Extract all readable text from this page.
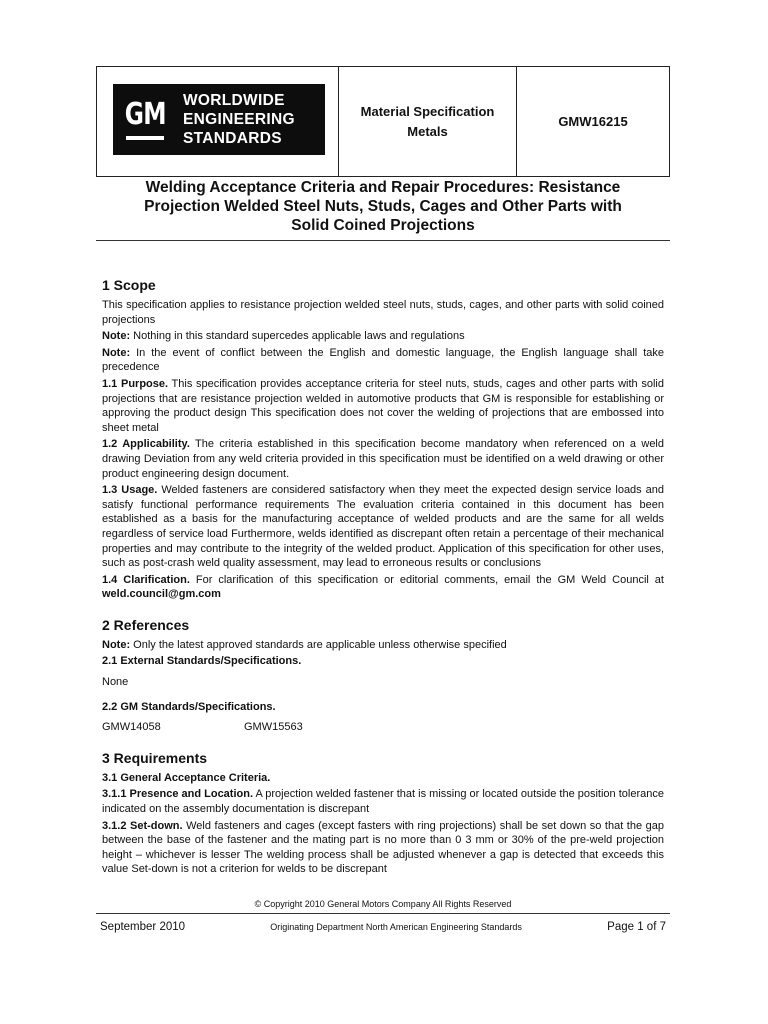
GM WORLDWIDE
ENGINEERING
STANDARDS
Material Specification
Metals
GMW16215
Welding Acceptance Criteria and Repair Procedures: Resistance
Projection Welded Steel Nuts, Studs, Cages and Other Parts with
Solid Coined Projections
1 Scope

This specification applies to resistance projection welded steel nuts, studs, cages, and other parts with solid coined projections

Note: Nothing in this standard supercedes applicable laws and regulations

Note: In the event of conflict between the English and domestic language, the English language shall take precedence

1.1 Purpose. This specification provides acceptance criteria for steel nuts, studs, cages and other parts with solid projections that are resistance projection welded in automotive products that GM is responsible for establishing or approving the product design This specification does not cover the welding of projections that are embossed into sheet metal

1.2 Applicability. The criteria established in this specification become mandatory when referenced on a weld drawing Deviation from any weld criteria provided in this specification must be identified on a weld drawing or other product engineering design document.

1.3 Usage. Welded fasteners are considered satisfactory when they meet the expected design service loads and satisfy functional performance requirements The evaluation criteria contained in this document has been established as a basis for the manufacturing acceptance of welded products and are the same for all welds regardless of service load Furthermore, welds identified as discrepant often retain a percentage of their mechanical properties and may contribute to the integrity of the welded product. Application of this specification for other uses, such as post-crash weld quality assessment, may lead to erroneous results or conclusions

1.4 Clarification. For clarification of this specification or editorial comments, email the GM Weld Council at weld.council@gm.com

2 References

Note: Only the latest approved standards are applicable unless otherwise specified

2.1 External Standards/Specifications.

None

2.2 GM Standards/Specifications.

GMW14058	GMW15563
3 Requirements

3.1 General Acceptance Criteria.

3.1.1 Presence and Location. A projection welded fastener that is missing or located outside the position tolerance indicated on the assembly documentation is discrepant

3.1.2 Set-down. Weld fasteners and cages (except fasters with ring projections) shall be set down so that the gap between the base of the fastener and the mating part is no more than 0 3 mm or 30% of the pre-weld projection height – whichever is lesser The welding process shall be adjusted whenever a gap is detected that exceeds this value Set-down is not a criterion for welds to be discrepant

© Copyright 2010 General Motors Company All Rights Reserved
September 2010	Originating Department North American Engineering Standards	Page 1 of 7
